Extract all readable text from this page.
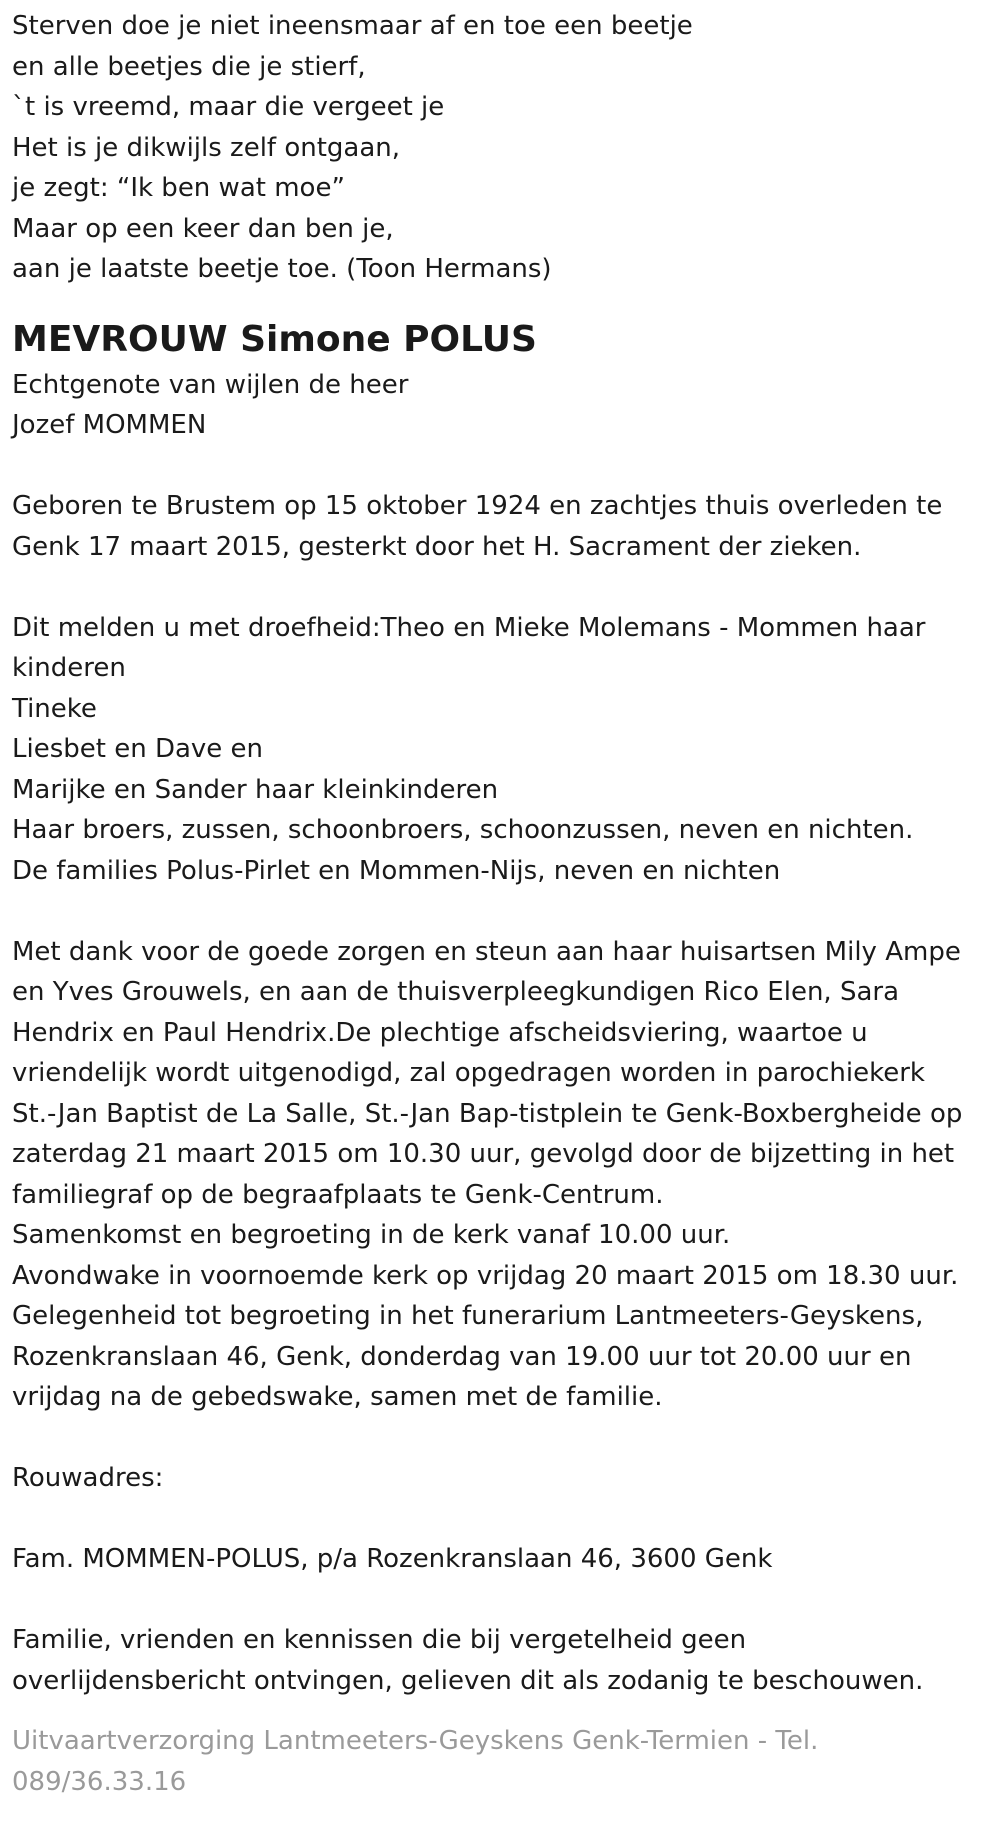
Sterven doe je niet ineensmaar af en toe een beetje
en alle beetjes die je stierf,
`t is vreemd, maar die vergeet je
Het is je dikwijls zelf ontgaan,
je zegt: “Ik ben wat moe”
Maar op een keer dan ben je,
aan je laatste beetje toe. (Toon Hermans)
MEVROUW Simone POLUS
Echtgenote van wijlen de heer
Jozef MOMMEN
Geboren te Brustem op 15 oktober 1924 en zachtjes thuis overleden te
Genk 17 maart 2015, gesterkt door het H. Sacrament der zieken.
Dit melden u met droefheid:Theo en Mieke Molemans - Mommen haar
kinderen
Tineke
Liesbet en Dave en
Marijke en Sander haar kleinkinderen
Haar broers, zussen, schoonbroers, schoonzussen, neven en nichten.
De families Polus-Pirlet en Mommen-Nijs, neven en nichten
Met dank voor de goede zorgen en steun aan haar huisartsen Mily Ampe
en Yves Grouwels, en aan de thuisverpleegkundigen Rico Elen, Sara
Hendrix en Paul Hendrix.De plechtige afscheidsviering, waartoe u
vriendelijk wordt uitgenodigd, zal opgedragen worden in parochiekerk
St.-Jan Baptist de La Salle, St.-Jan Bap-tistplein te Genk-Boxbergheide op
zaterdag 21 maart 2015 om 10.30 uur, gevolgd door de bijzetting in het
familiegraf op de begraafplaats te Genk-Centrum.
Samenkomst en begroeting in de kerk vanaf 10.00 uur.
Avondwake in voornoemde kerk op vrijdag 20 maart 2015 om 18.30 uur.
Gelegenheid tot begroeting in het funerarium Lantmeeters-Geyskens,
Rozenkranslaan 46, Genk, donderdag van 19.00 uur tot 20.00 uur en
vrijdag na de gebedswake, samen met de familie.
Rouwadres:
Fam. MOMMEN-POLUS, p/a Rozenkranslaan 46, 3600 Genk
Familie, vrienden en kennissen die bij vergetelheid geen
overlijdensbericht ontvingen, gelieven dit als zodanig te beschouwen.
Uitvaartverzorging Lantmeeters-Geyskens Genk-Termien - Tel.
089/36.33.16
